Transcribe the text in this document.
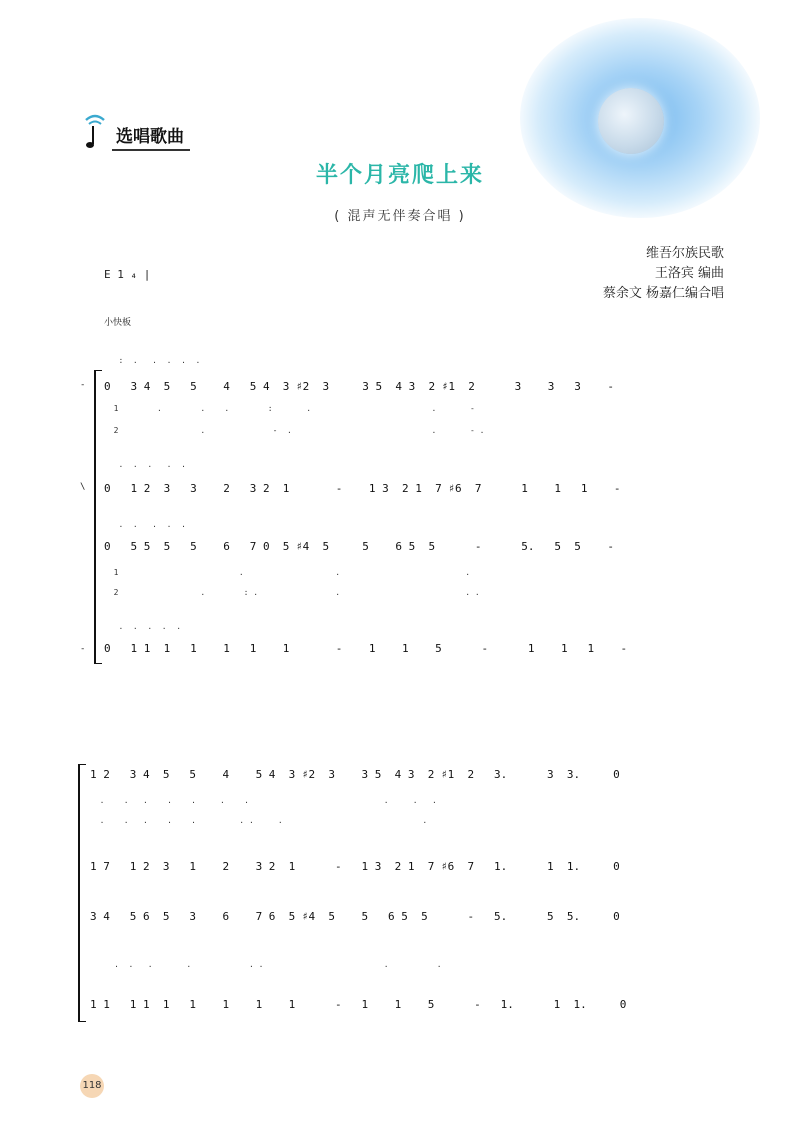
选唱歌曲
半个月亮爬上来
( 混声无伴奏合唱 )
维吾尔族民歌
王洛宾 编曲
蔡余文 杨嘉仁编合唱
E 1 ₄ |
小快板
-
\
-
:  .   .  .  .  .
0   3 4  5   5    4   5 4  3 ♯2  3     3 5  4 3  2 ♯1  2      3    3   3    -
1        .        .    .        :       .                         .       -
2                 .              -  .                             .       - .
.  .  .   .  .
0   1 2  3   3    2   3 2  1       -    1 3  2 1  7 ♯6  7      1    1   1    -
.  .   .  .  .
0   5 5  5   5    6   7 0  5 ♯4  5     5    6 5  5      -      5.   5  5    -
1                         .                   .                          .
2                 .        : .                .                          . .
.  .  .  .  .
0   1 1  1   1    1   1    1       -    1    1    5      -      1    1   1    -
1 2   3 4  5   5    4    5 4  3 ♯2  3    3 5  4 3  2 ♯1  2   3.      3  3.     0
.    .   .    .    .     .    .                            .     .   .
.    .   .    .    .         . .     .                             .
1 7   1 2  3   1    2    3 2  1      -   1 3  2 1  7 ♯6  7   1.      1  1.     0
3 4   5 6  5   3    6    7 6  5 ♯4  5    5   6 5  5      -   5.      5  5.     0
.  .   .       .            . .                         .          .
1 1   1 1  1   1    1    1    1      -   1    1    5      -   1.      1  1.     0
118
